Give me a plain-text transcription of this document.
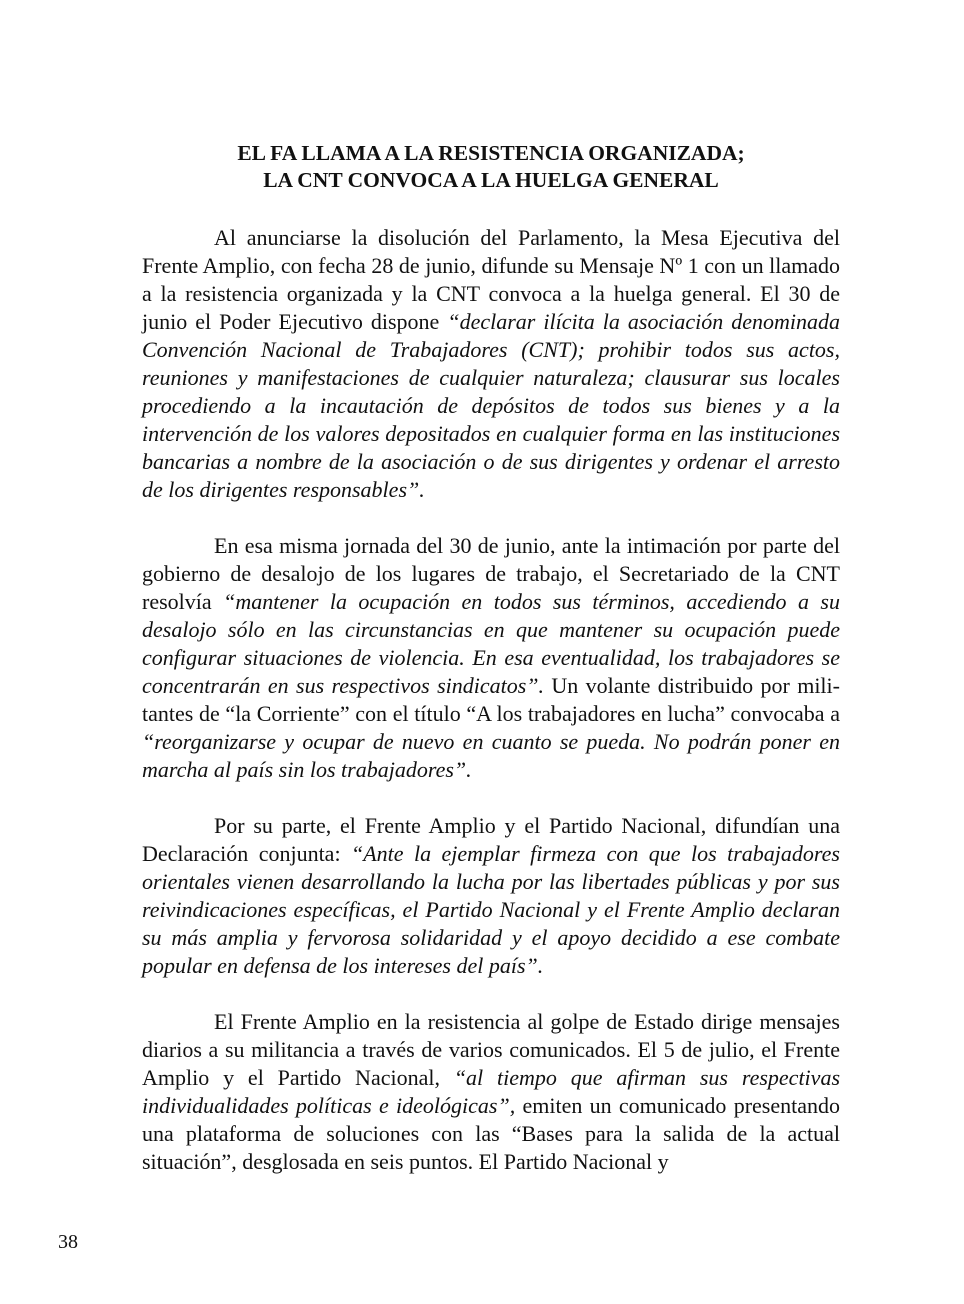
EL FA LLAMA A LA RESISTENCIA ORGANIZADA;
LA CNT CONVOCA A LA HUELGA GENERAL

Al anunciarse la disolución del Parlamento, la Mesa Ejecutiva del Frente Amplio, con fecha 28 de junio, difunde su Mensaje Nº 1 con un llamado a la resistencia organizada y la CNT convoca a la huelga general. El 30 de junio el Poder Ejecutivo dispone “declarar ilícita la asociación denominada Convención Nacional de Trabajadores (CNT); prohibir todos sus actos, reuniones y manifestaciones de cualquier naturaleza; clausurar sus locales procediendo a la incautación de depósitos de todos sus bienes y a la intervención de los valores depositados en cualquier forma en las instituciones bancarias a nombre de la asociación o de sus dirigentes y ordenar el arresto de los dirigentes responsables”.

En esa misma jornada del 30 de junio, ante la intimación por parte del gobierno de desalojo de los lugares de trabajo, el Secretariado de la CNT resolvía “mantener la ocupación en todos sus términos, accediendo a su desalojo sólo en las circunstancias en que mantener su ocupación puede configurar situaciones de violencia. En esa eventualidad, los trabajadores se concentrarán en sus respectivos sindicatos”. Un volante distribuido por militantes de “la Corriente” con el título “A los trabajadores en lucha” convocaba a “reorganizarse y ocupar de nuevo en cuanto se pueda. No podrán poner en marcha al país sin los trabajadores”.

Por su parte, el Frente Amplio y el Partido Nacional, difundían una Declaración conjunta: “Ante la ejemplar firmeza con que los trabajadores orientales vienen desarrollando la lucha por las libertades públicas y por sus reivindicaciones específicas, el Partido Nacional y el Frente Amplio declaran su más amplia y fervorosa solidaridad y el apoyo decidido a ese combate popular en defensa de los intereses del país”.

El Frente Amplio en la resistencia al golpe de Estado dirige mensajes diarios a su militancia a través de varios comunicados. El 5 de julio, el Frente Amplio y el Partido Nacional, “al tiempo que afirman sus respectivas individualidades políticas e ideológicas”, emiten un comunicado presentando una plataforma de soluciones con las “Bases para la salida de la actual situación”, desglosada en seis puntos. El Partido Nacional y

38
